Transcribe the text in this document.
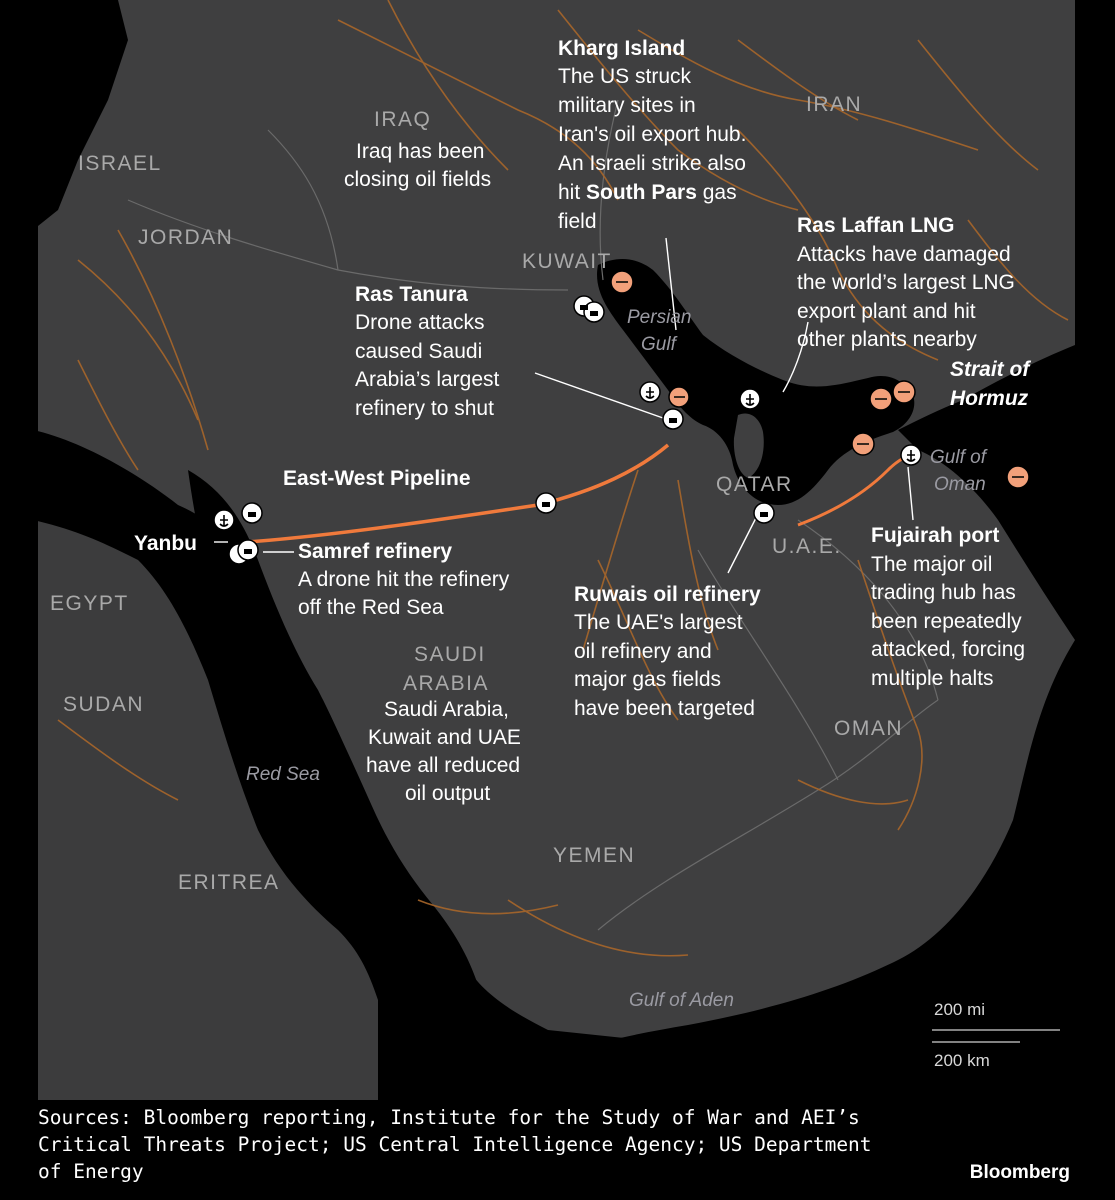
IRAQ
IRAN
ISRAEL
JORDAN
KUWAIT
QATAR
U.A.E.
EGYPT
SAUDI
ARABIA
SUDAN
OMAN
YEMEN
ERITREA
Persian
Gulf
Red Sea
Gulf of
Oman
Gulf of Aden
Kharg Island
The US struck
military sites in
Iran's oil export hub.
An Israeli strike also
hit South Pars gas
field
Iraq has been
closing oil fields
Ras Laffan LNG
Attacks have damaged
the world’s largest LNG
export plant and hit
other plants nearby
Ras Tanura
Drone attacks
caused Saudi
Arabia’s largest
refinery to shut
Strait of
Hormuz
East-West Pipeline
Yanbu	Samref refinery
A drone hit the refinery
off the Red Sea
Ruwais oil refinery
The UAE's largest
oil refinery and
major gas fields
have been targeted
Fujairah port
The major oil
trading hub has
been repeatedly
attacked, forcing
multiple halts
Saudi Arabia,
Kuwait and UAE
have all reduced
oil output
200 mi
200 km
Sources: Bloomberg reporting, Institute for the Study of War and AEI’s Critical Threats Project; US Central Intelligence Agency; US Department of Energy	Bloomberg
